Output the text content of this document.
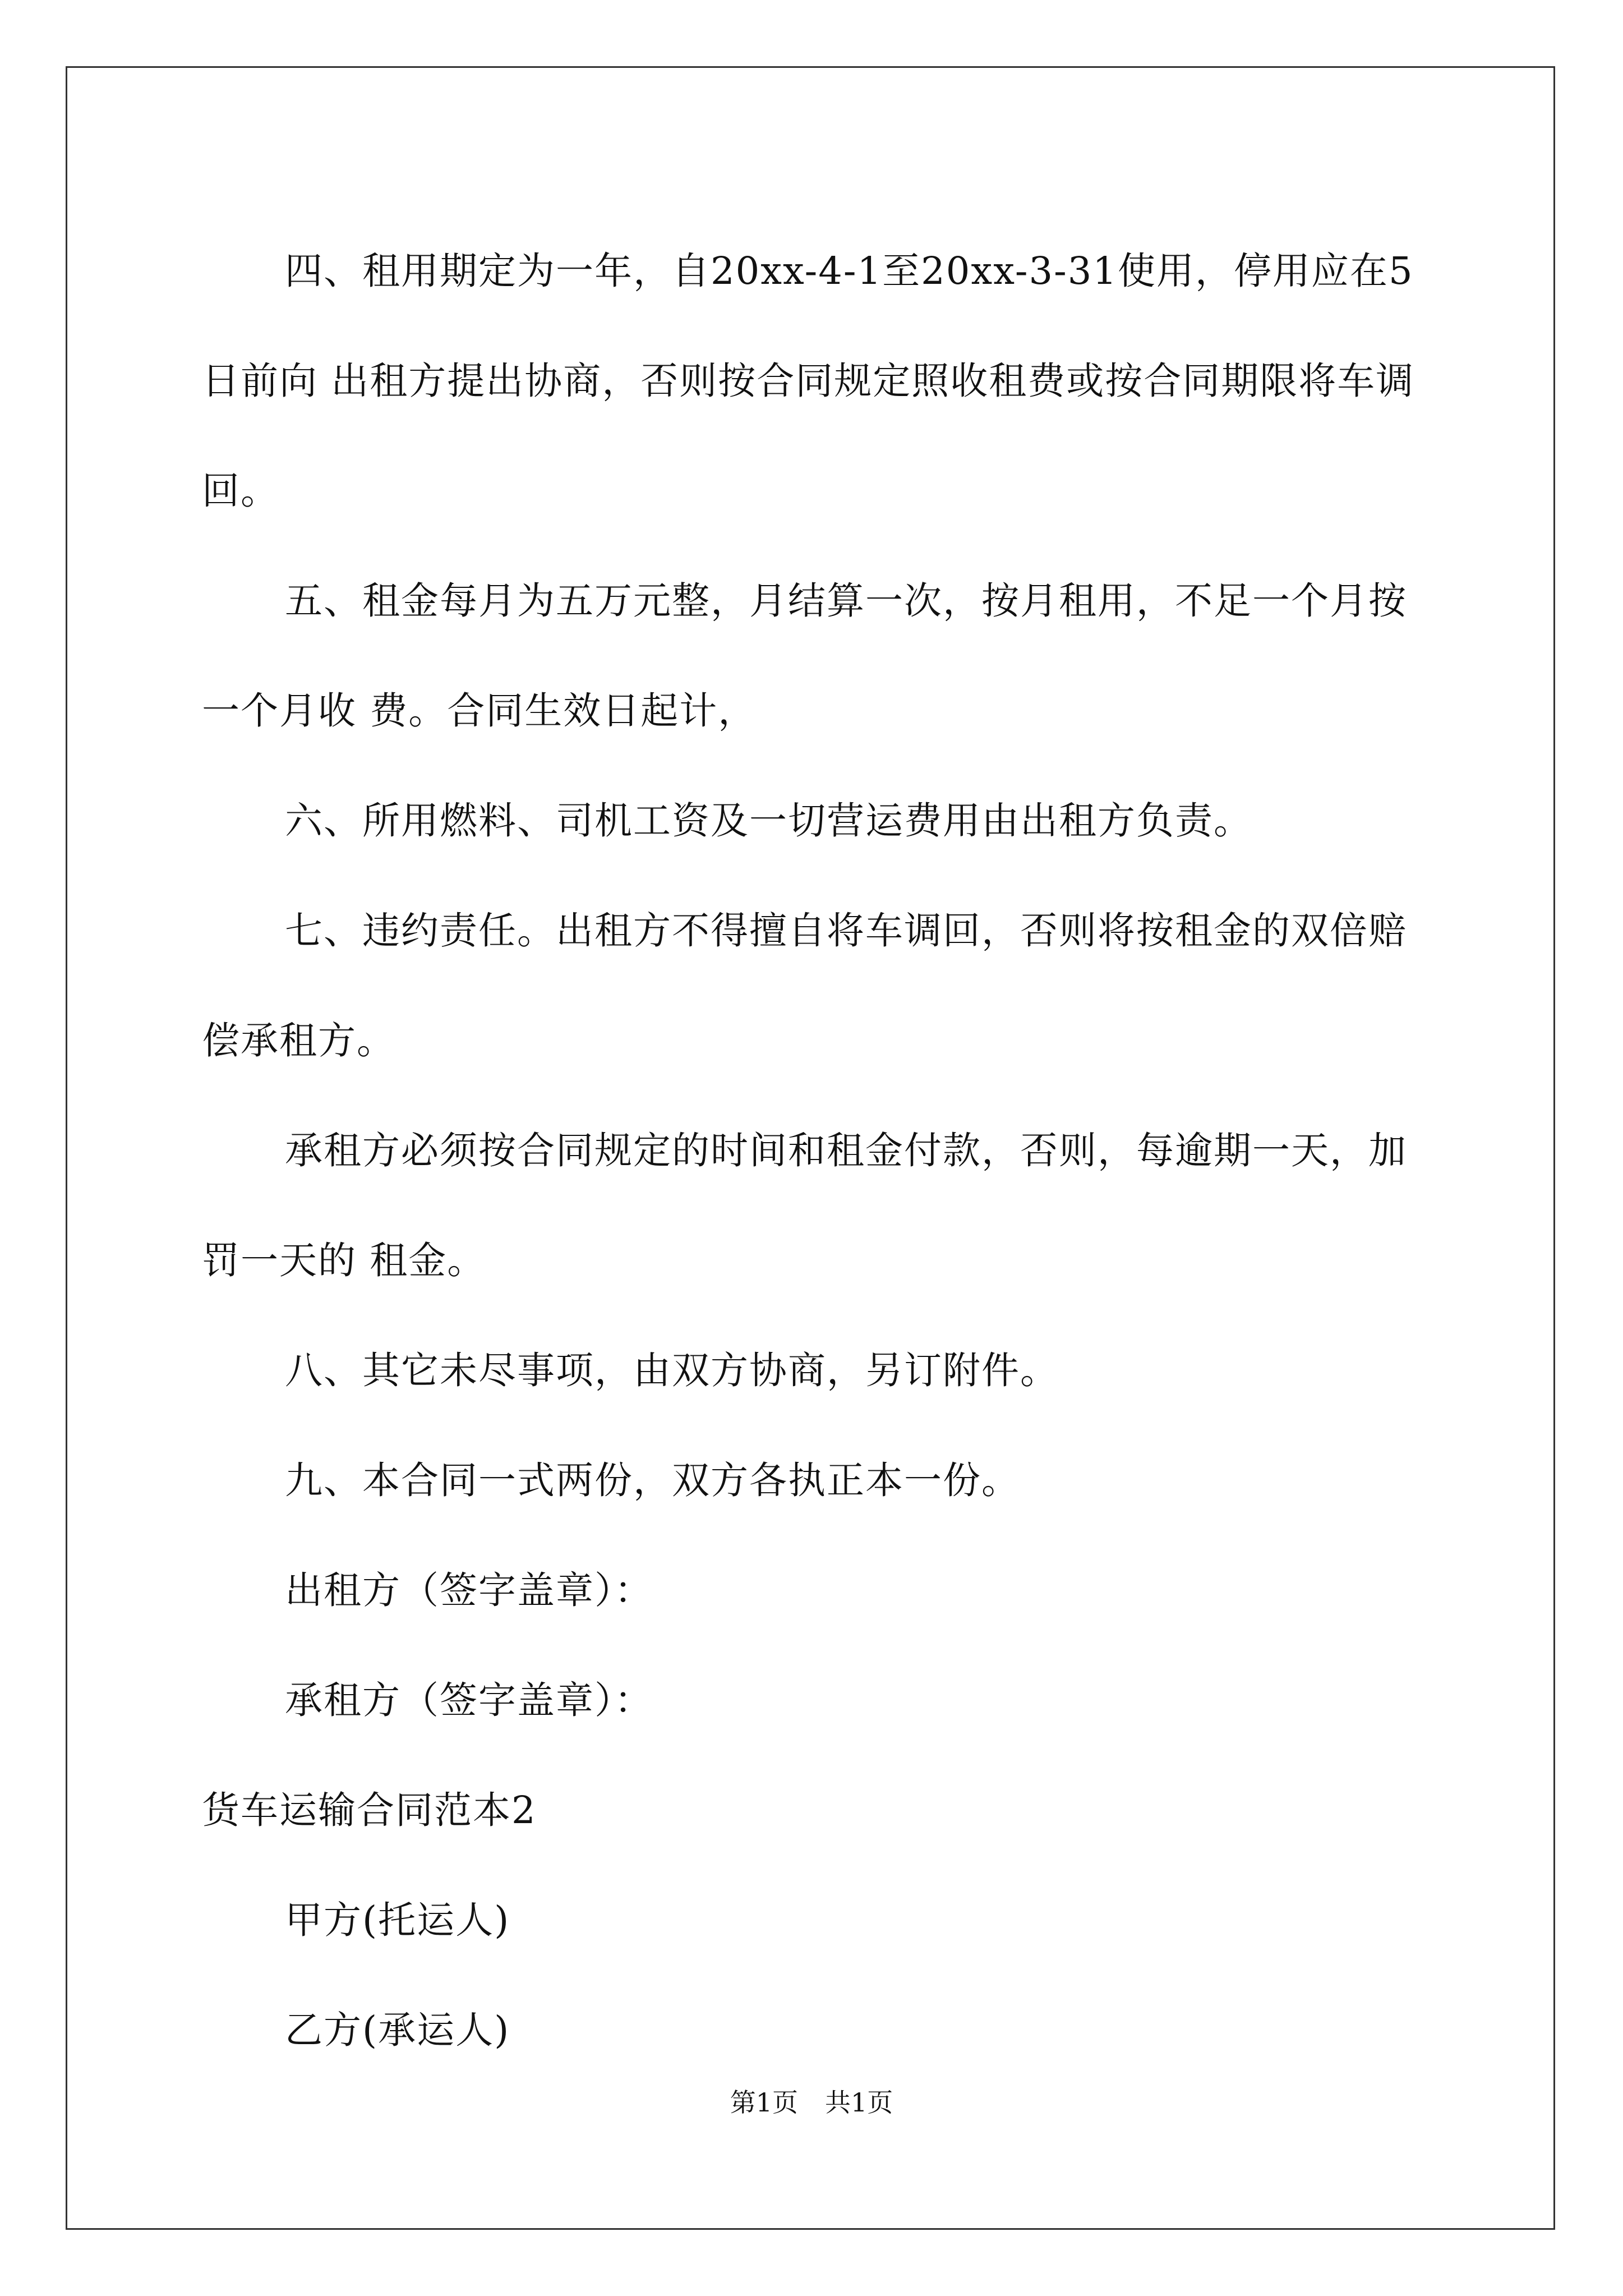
四、租用期定为一年，自20xx-4-1至20xx-3-31使用，停用应在5日前向 出租方提出协商，否则按合同规定照收租费或按合同期限将车调回。

五、租金每月为五万元整，月结算一次，按月租用，不足一个月按一个月收 费。合同生效日起计，

六、所用燃料、司机工资及一切营运费用由出租方负责。

七、违约责任。出租方不得擅自将车调回，否则将按租金的双倍赔偿承租方。

承租方必须按合同规定的时间和租金付款，否则，每逾期一天，加罚一天的 租金。

八、其它未尽事项，由双方协商，另订附件。

九、本合同一式两份，双方各执正本一份。

出租方（签字盖章）：

承租方（签字盖章）：

货车运输合同范本2

甲方(托运人)

乙方(承运人)

第1页 共1页
